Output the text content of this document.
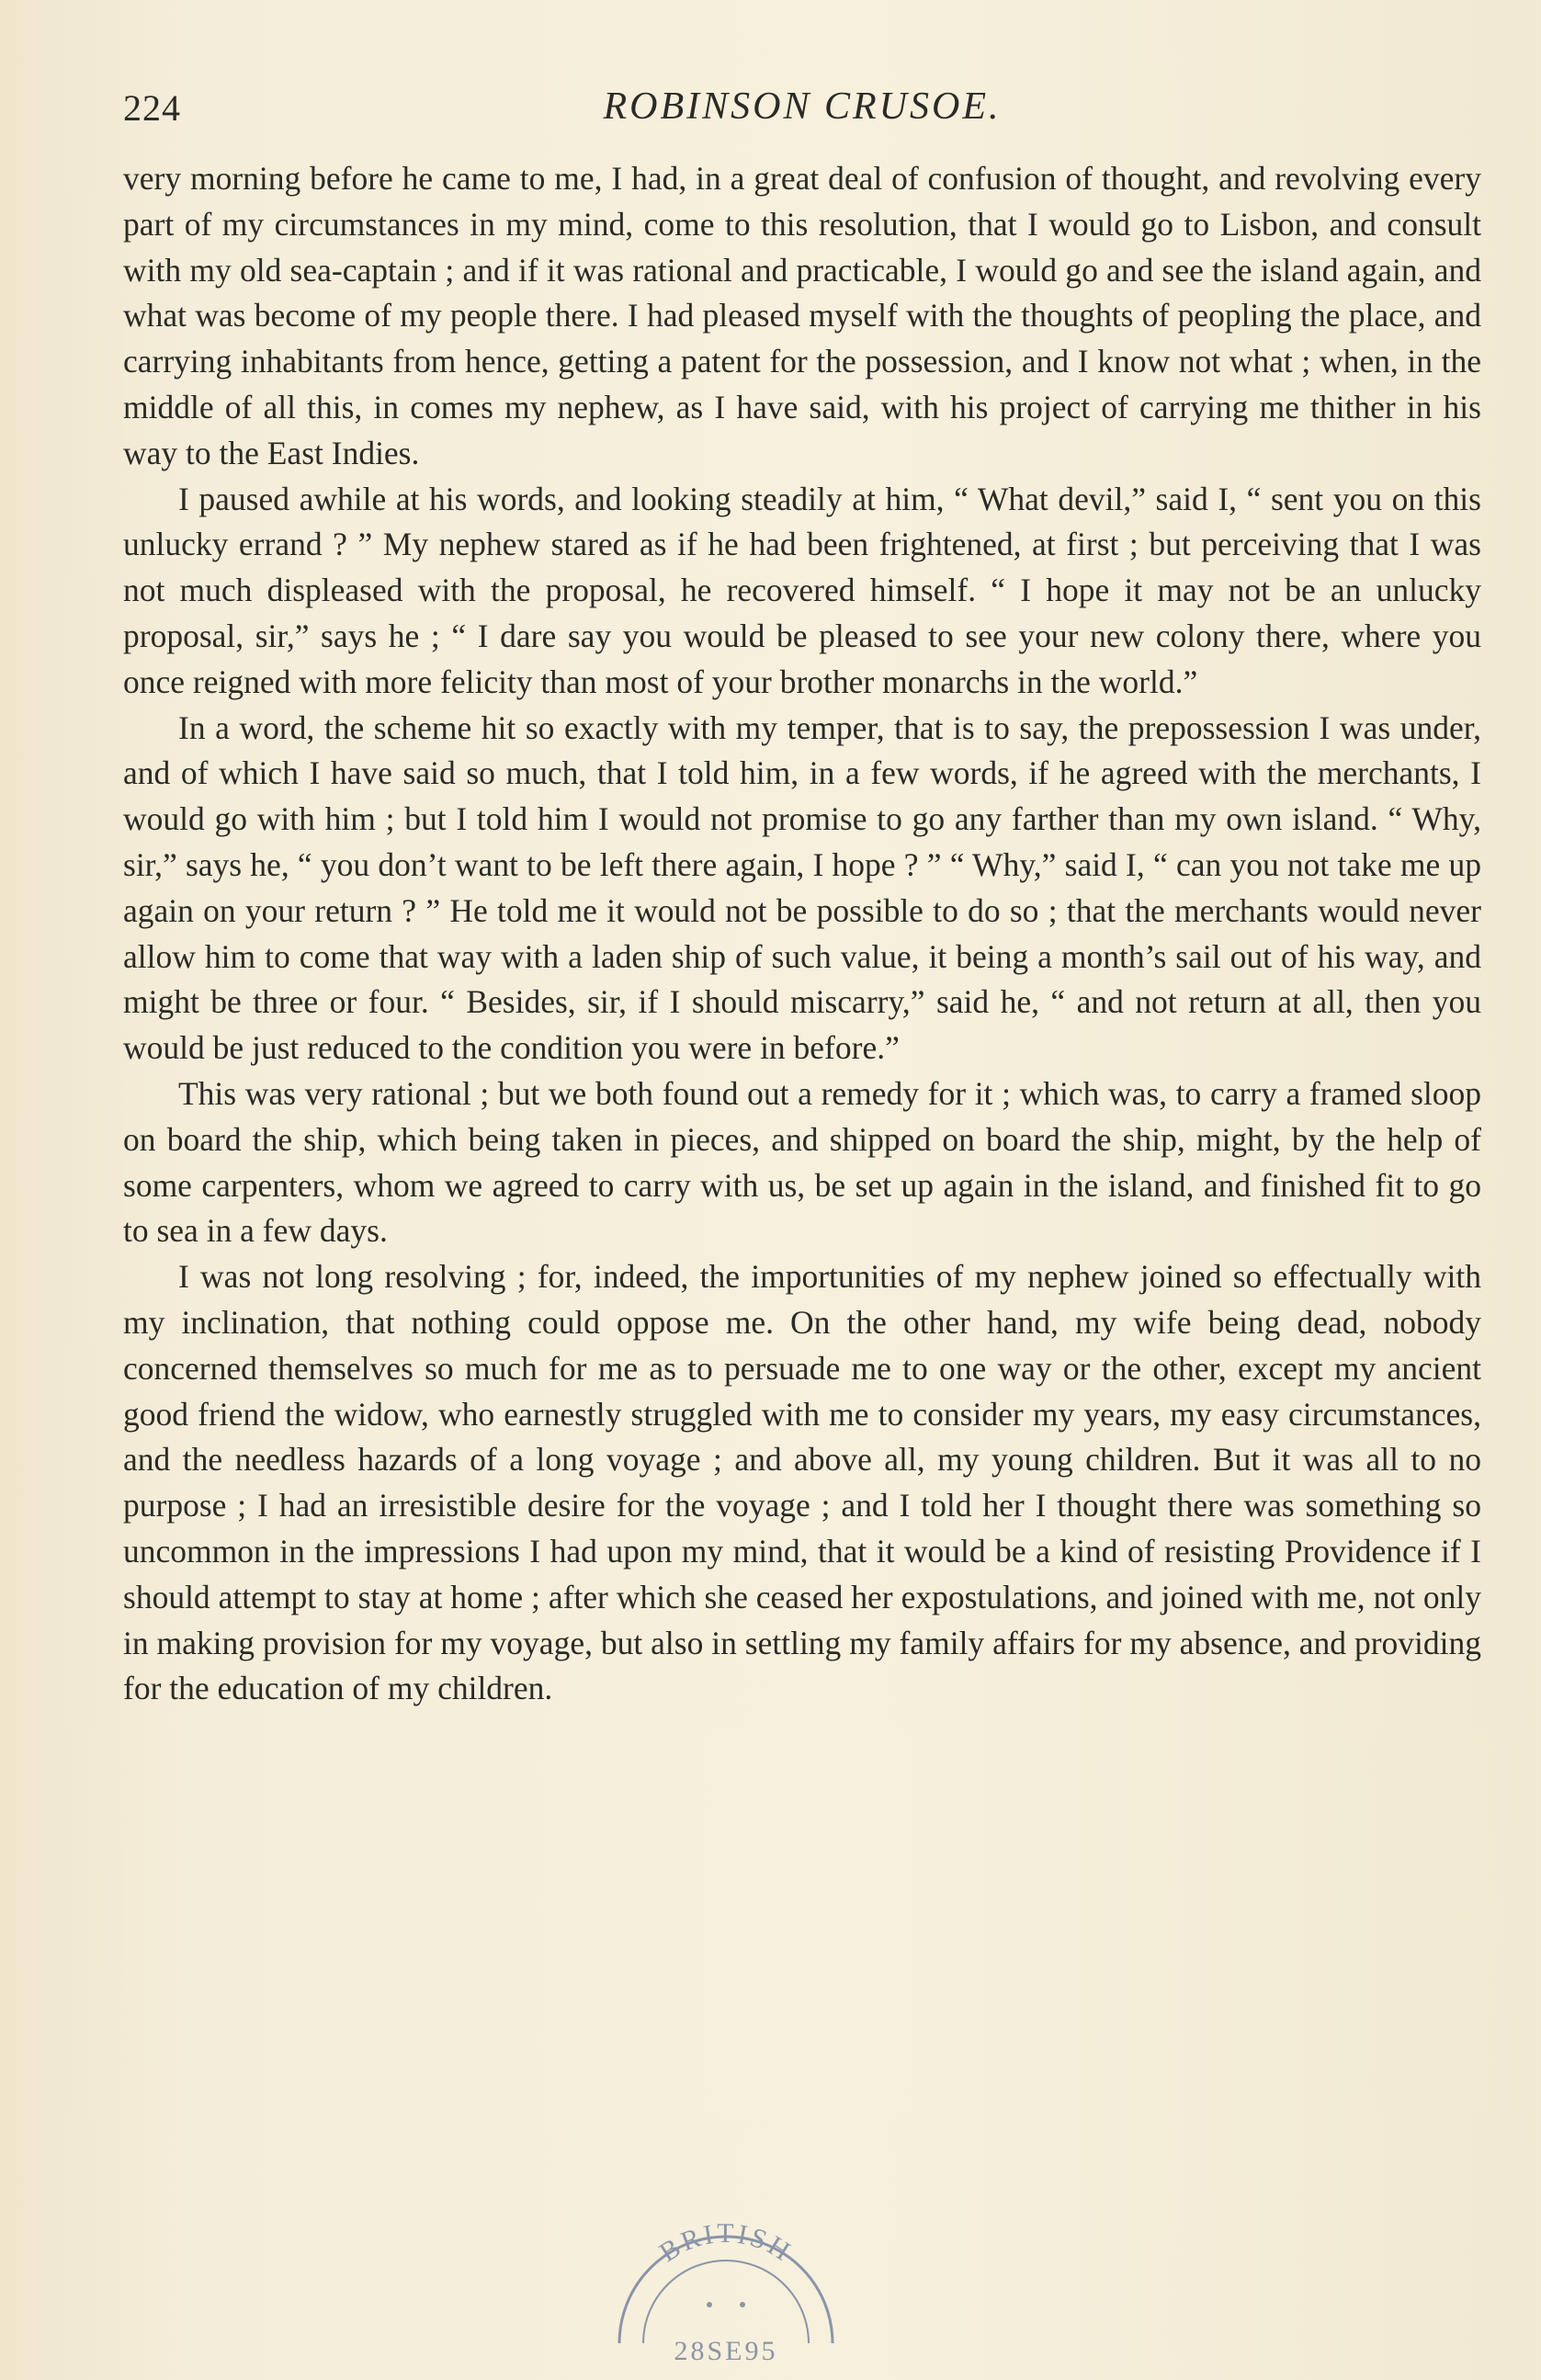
224	ROBINSON CRUSOE.

very morning before he came to me, I had, in a great deal of confusion of thought, and revolving every part of my circumstances in my mind, come to this resolution, that I would go to Lisbon, and consult with my old sea-captain ; and if it was rational and practicable, I would go and see the island again, and what was become of my people there. I had pleased myself with the thoughts of peopling the place, and carrying inhabitants from hence, getting a patent for the possession, and I know not what ; when, in the middle of all this, in comes my nephew, as I have said, with his project of carrying me thither in his way to the East Indies.

I paused awhile at his words, and looking steadily at him, “ What devil,” said I, “ sent you on this unlucky errand ? ” My nephew stared as if he had been frightened, at first ; but perceiving that I was not much displeased with the proposal, he recovered himself. “ I hope it may not be an unlucky proposal, sir,” says he ; “ I dare say you would be pleased to see your new colony there, where you once reigned with more felicity than most of your brother monarchs in the world.”

In a word, the scheme hit so exactly with my temper, that is to say, the prepossession I was under, and of which I have said so much, that I told him, in a few words, if he agreed with the merchants, I would go with him ; but I told him I would not promise to go any farther than my own island. “ Why, sir,” says he, “ you don’t want to be left there again, I hope ? ” “ Why,” said I, “ can you not take me up again on your return ? ” He told me it would not be possible to do so ; that the merchants would never allow him to come that way with a laden ship of such value, it being a month’s sail out of his way, and might be three or four. “ Besides, sir, if I should miscarry,” said he, “ and not return at all, then you would be just reduced to the condition you were in before.”

This was very rational ; but we both found out a remedy for it ; which was, to carry a framed sloop on board the ship, which being taken in pieces, and shipped on board the ship, might, by the help of some carpenters, whom we agreed to carry with us, be set up again in the island, and finished fit to go to sea in a few days.

I was not long resolving ; for, indeed, the importunities of my nephew joined so effectually with my inclination, that nothing could oppose me. On the other hand, my wife being dead, nobody concerned themselves so much for me as to persuade me to one way or the other, except my ancient good friend the widow, who earnestly struggled with me to consider my years, my easy circumstances, and the needless hazards of a long voyage ; and above all, my young children. But it was all to no purpose ; I had an irresistible desire for the voyage ; and I told her I thought there was something so uncommon in the impressions I had upon my mind, that it would be a kind of resisting Providence if I should attempt to stay at home ; after which she ceased her expostulations, and joined with me, not only in making provision for my voyage, but also in settling my family affairs for my absence, and providing for the education of my children.

BRITISH
28SE95
